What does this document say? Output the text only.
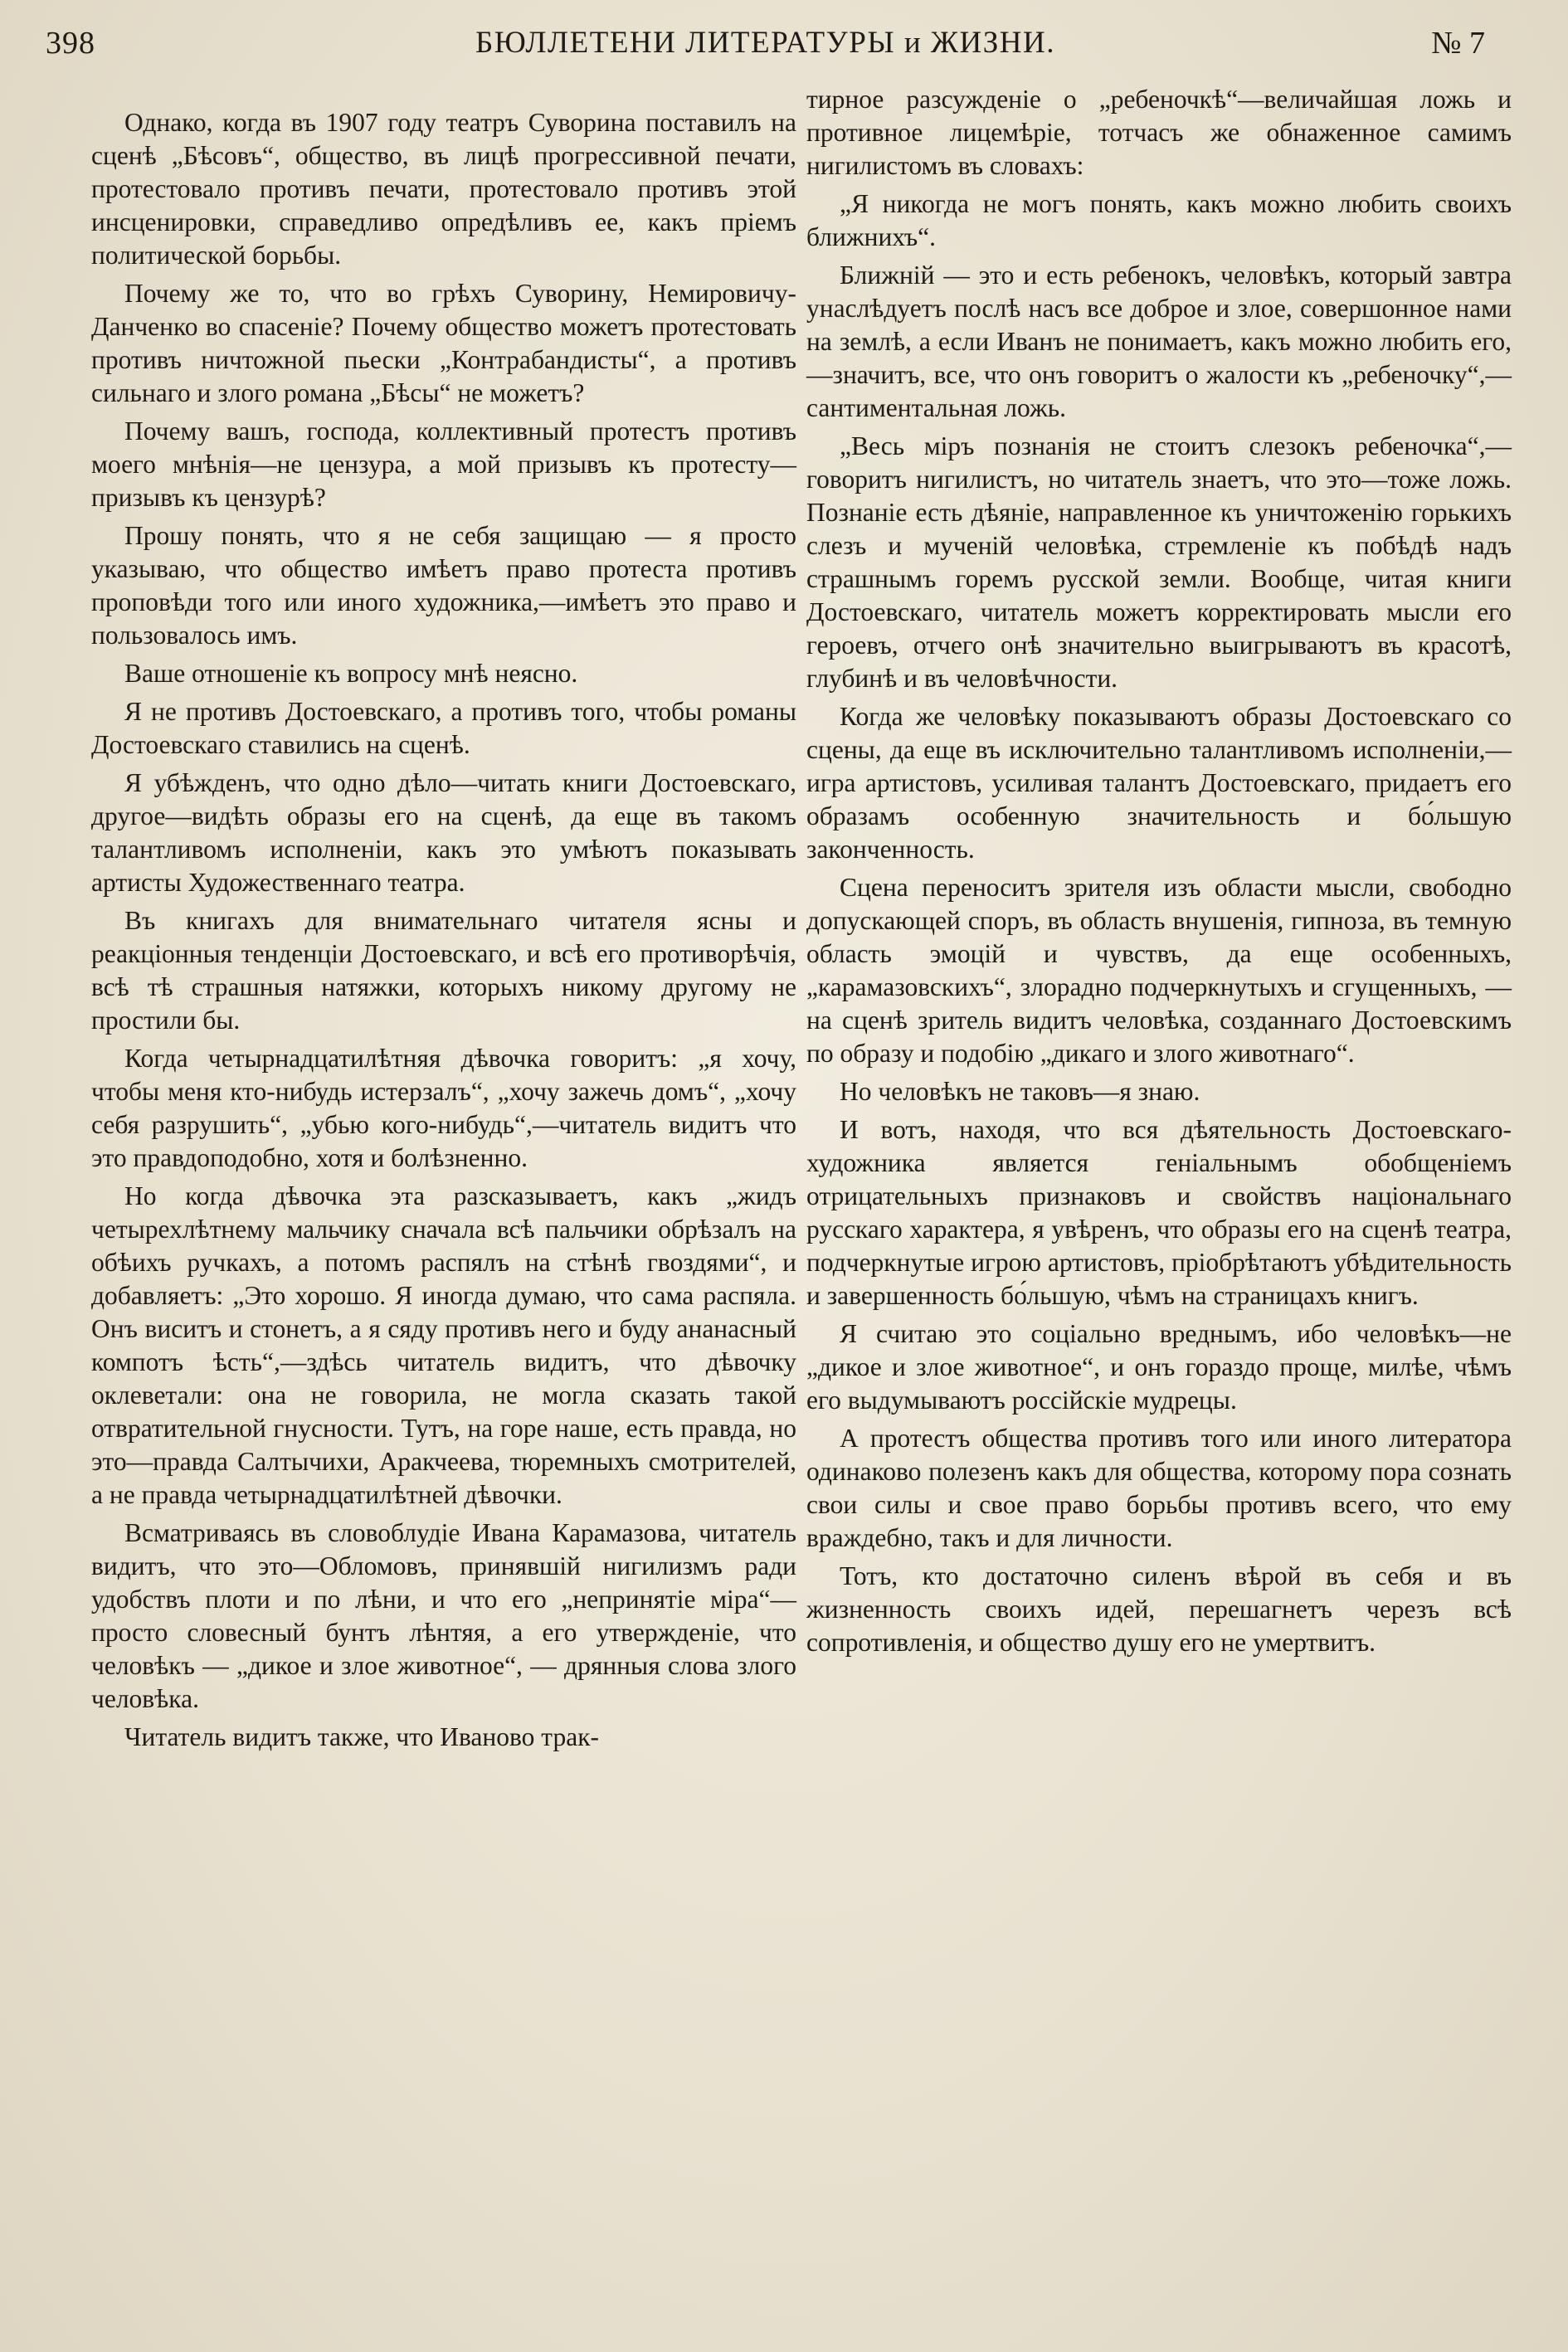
398	БЮЛЛЕТЕНИ ЛИТЕРАТУРЫ и ЖИЗНИ.	№ 7

Однако, когда въ 1907 году театръ Суворина поставилъ на сценѣ „Бѣсовъ“, общество, въ лицѣ прогрессивной печати, протестовало противъ печати, протестовало противъ этой инсценировки, справедливо опредѣливъ ее, какъ пріемъ политической борьбы.

Почему же то, что во грѣхъ Суворину, Немировичу-Данченко во спасеніе? Почему общество можетъ протестовать противъ ничтожной пьески „Контрабандисты“, а противъ сильнаго и злого романа „Бѣсы“ не можетъ?

Почему вашъ, господа, коллективный протестъ противъ моего мнѣнія—не цензура, а мой призывъ къ протесту—призывъ къ цензурѣ?

Прошу понять, что я не себя защищаю — я просто указываю, что общество имѣетъ право протеста противъ проповѣди того или иного художника,—имѣетъ это право и пользовалось имъ.

Ваше отношеніе къ вопросу мнѣ неясно.

Я не противъ Достоевскаго, а противъ того, чтобы романы Достоевскаго ставились на сценѣ.

Я убѣжденъ, что одно дѣло—читать книги Достоевскаго, другое—видѣть образы его на сценѣ, да еще въ такомъ талантливомъ исполненіи, какъ это умѣютъ показывать артисты Художественнаго театра.

Въ книгахъ для внимательнаго читателя ясны и реакціонныя тенденціи Достоевскаго, и всѣ его противорѣчія, всѣ тѣ страшныя натяжки, которыхъ никому другому не простили бы.

Когда четырнадцатилѣтняя дѣвочка говоритъ: „я хочу, чтобы меня кто-нибудь истерзалъ“, „хочу зажечь домъ“, „хочу себя разрушить“, „убью кого-нибудь“,—читатель видитъ что это правдоподобно, хотя и болѣзненно.

Но когда дѣвочка эта разсказываетъ, какъ „жидъ четырехлѣтнему мальчику сначала всѣ пальчики обрѣзалъ на обѣихъ ручкахъ, а потомъ распялъ на стѣнѣ гвоздями“, и добавляетъ: „Это хорошо. Я иногда думаю, что сама распяла. Онъ виситъ и стонетъ, а я сяду противъ него и буду ананасный компотъ ѣсть“,—здѣсь читатель видитъ, что дѣвочку оклеветали: она не говорила, не могла сказать такой отвратительной гнусности. Тутъ, на горе наше, есть правда, но это—правда Салтычихи, Аракчеева, тюремныхъ смотрителей, а не правда четырнадцатилѣтней дѣвочки.

Всматриваясь въ словоблудіе Ивана Карамазова, читатель видитъ, что это—Обломовъ, принявшій нигилизмъ ради удобствъ плоти и по лѣни, и что его „непринятіе міра“—просто словесный бунтъ лѣнтяя, а его утвержденіе, что человѣкъ — „дикое и злое животное“, — дрянныя слова злого человѣка.

Читатель видитъ также, что Иваново трак-

тирное разсужденіе о „ребеночкѣ“—величайшая ложь и противное лицемѣріе, тотчасъ же обнаженное самимъ нигилистомъ въ словахъ:

„Я никогда не могъ понять, какъ можно любить своихъ ближнихъ“.

Ближній — это и есть ребенокъ, человѣкъ, который завтра унаслѣдуетъ послѣ насъ все доброе и злое, совершонное нами на землѣ, а если Иванъ не понимаетъ, какъ можно любить его,—значитъ, все, что онъ говоритъ о жалости къ „ребеночку“,—сантиментальная ложь.

„Весь міръ познанія не стоитъ слезокъ ребеночка“,—говоритъ нигилистъ, но читатель знаетъ, что это—тоже ложь. Познаніе есть дѣяніе, направленное къ уничтоженію горькихъ слезъ и мученій человѣка, стремленіе къ побѣдѣ надъ страшнымъ горемъ русской земли. Вообще, читая книги Достоевскаго, читатель можетъ корректировать мысли его героевъ, отчего онѣ значительно выигрываютъ въ красотѣ, глубинѣ и въ человѣчности.

Когда же человѣку показываютъ образы Достоевскаго со сцены, да еще въ исключительно талантливомъ исполненіи,—игра артистовъ, усиливая талантъ Достоевскаго, придаетъ его образамъ особенную значительность и бо́льшую законченность.

Сцена переноситъ зрителя изъ области мысли, свободно допускающей споръ, въ область внушенія, гипноза, въ темную область эмоцій и чувствъ, да еще особенныхъ, „карамазовскихъ“, злорадно подчеркнутыхъ и сгущенныхъ, — на сценѣ зритель видитъ человѣка, созданнаго Достоевскимъ по образу и подобію „дикаго и злого животнаго“.

Но человѣкъ не таковъ—я знаю.

И вотъ, находя, что вся дѣятельность Достоевскаго-художника является геніальнымъ обобщеніемъ отрицательныхъ признаковъ и свойствъ національнаго русскаго характера, я увѣренъ, что образы его на сценѣ театра, подчеркнутые игрою артистовъ, пріобрѣтаютъ убѣдительность и завершенность бо́льшую, чѣмъ на страницахъ книгъ.

Я считаю это соціально вреднымъ, ибо человѣкъ—не „дикое и злое животное“, и онъ гораздо проще, милѣе, чѣмъ его выдумываютъ россійскіе мудрецы.

А протестъ общества противъ того или иного литератора одинаково полезенъ какъ для общества, которому пора сознать свои силы и свое право борьбы противъ всего, что ему враждебно, такъ и для личности.

Тотъ, кто достаточно силенъ вѣрой въ себя и въ жизненность своихъ идей, перешагнетъ черезъ всѣ сопротивленія, и общество душу его не умертвитъ.
